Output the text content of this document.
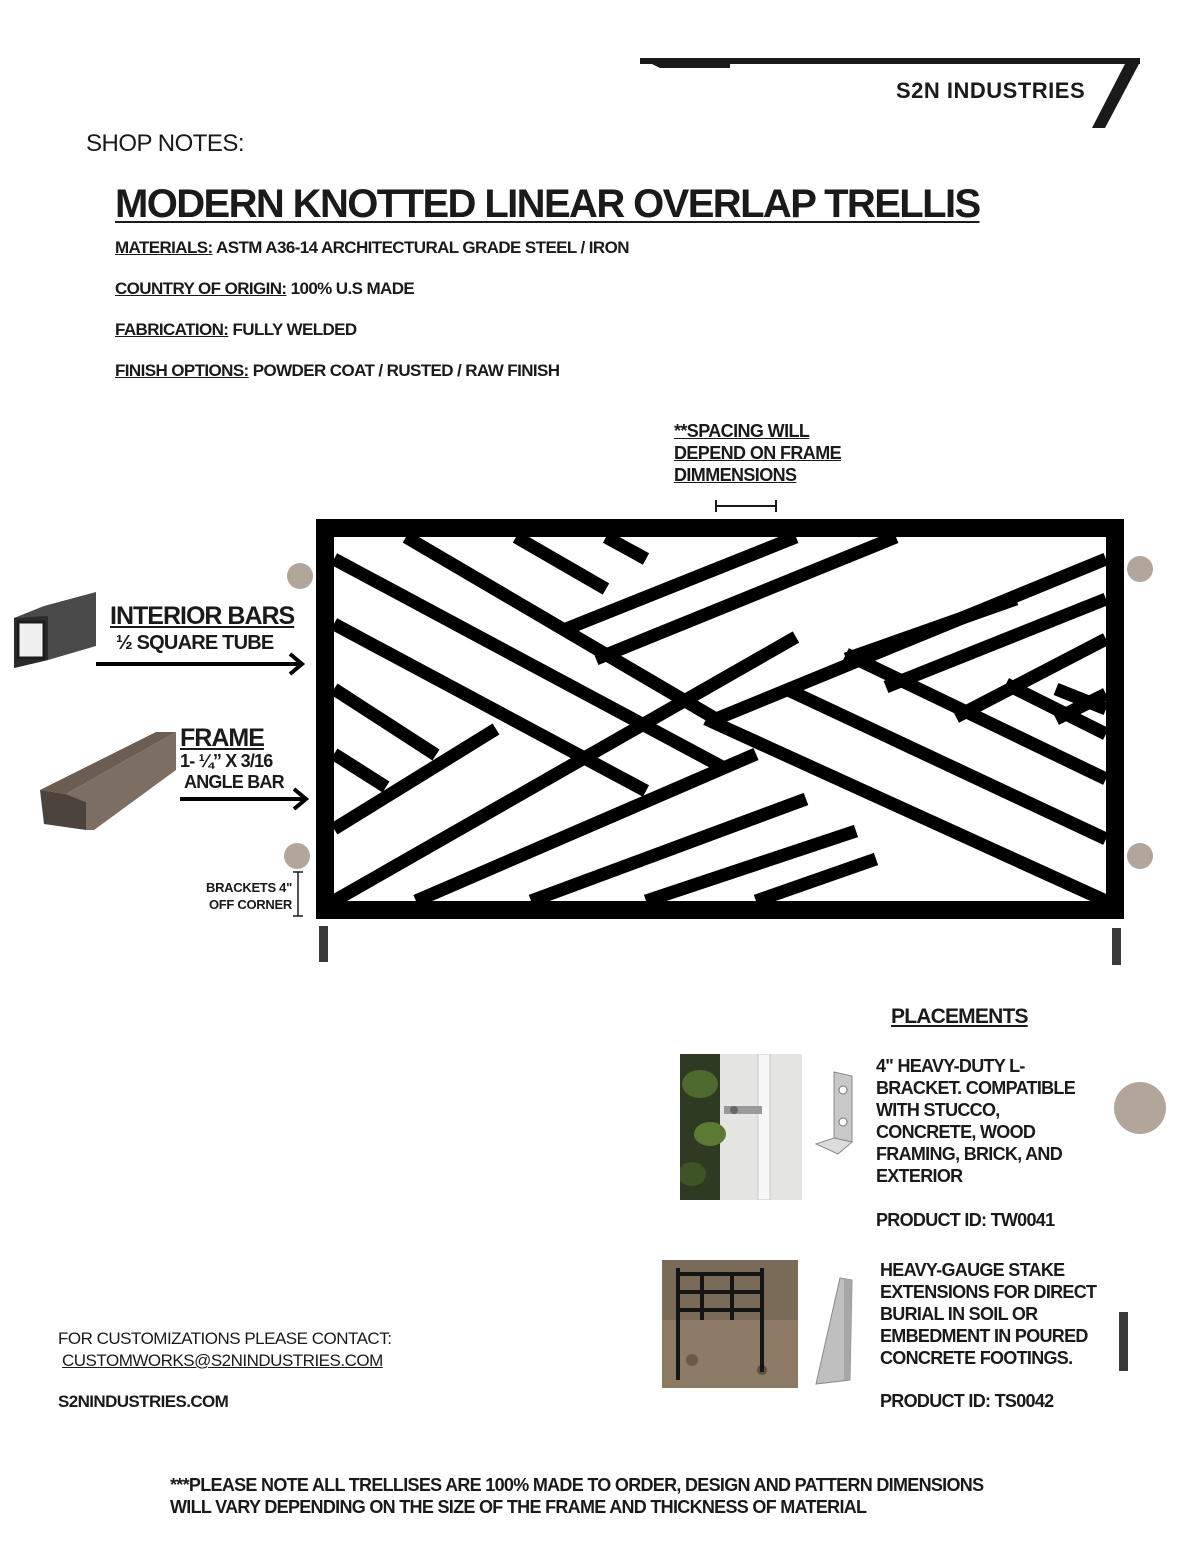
S2N INDUSTRIES
SHOP NOTES:
MODERN KNOTTED LINEAR OVERLAP TRELLIS
MATERIALS: ASTM A36-14 ARCHITECTURAL GRADE STEEL / IRON
COUNTRY OF ORIGIN: 100% U.S MADE
FABRICATION: FULLY WELDED
FINISH OPTIONS: POWDER COAT / RUSTED / RAW FINISH
**SPACING WILL
DEPEND ON FRAME
DIMMENSIONS
INTERIOR BARS
½ SQUARE TUBE
FRAME
1- ¼” X 3/16
ANGLE BAR
BRACKETS 4"
OFF CORNER
PLACEMENTS
4" HEAVY-DUTY L-
BRACKET. COMPATIBLE
WITH STUCCO,
CONCRETE, WOOD
FRAMING, BRICK, AND
EXTERIOR
PRODUCT ID: TW0041
HEAVY-GAUGE STAKE
EXTENSIONS FOR DIRECT
BURIAL IN SOIL OR
EMBEDMENT IN POURED
CONCRETE FOOTINGS.
PRODUCT ID: TS0042
FOR CUSTOMIZATIONS PLEASE CONTACT:
CUSTOMWORKS@S2NINDUSTRIES.COM
S2NINDUSTRIES.COM
***PLEASE NOTE ALL TRELLISES ARE 100% MADE TO ORDER, DESIGN AND PATTERN DIMENSIONS
WILL VARY DEPENDING ON THE SIZE OF THE FRAME AND THICKNESS OF MATERIAL
